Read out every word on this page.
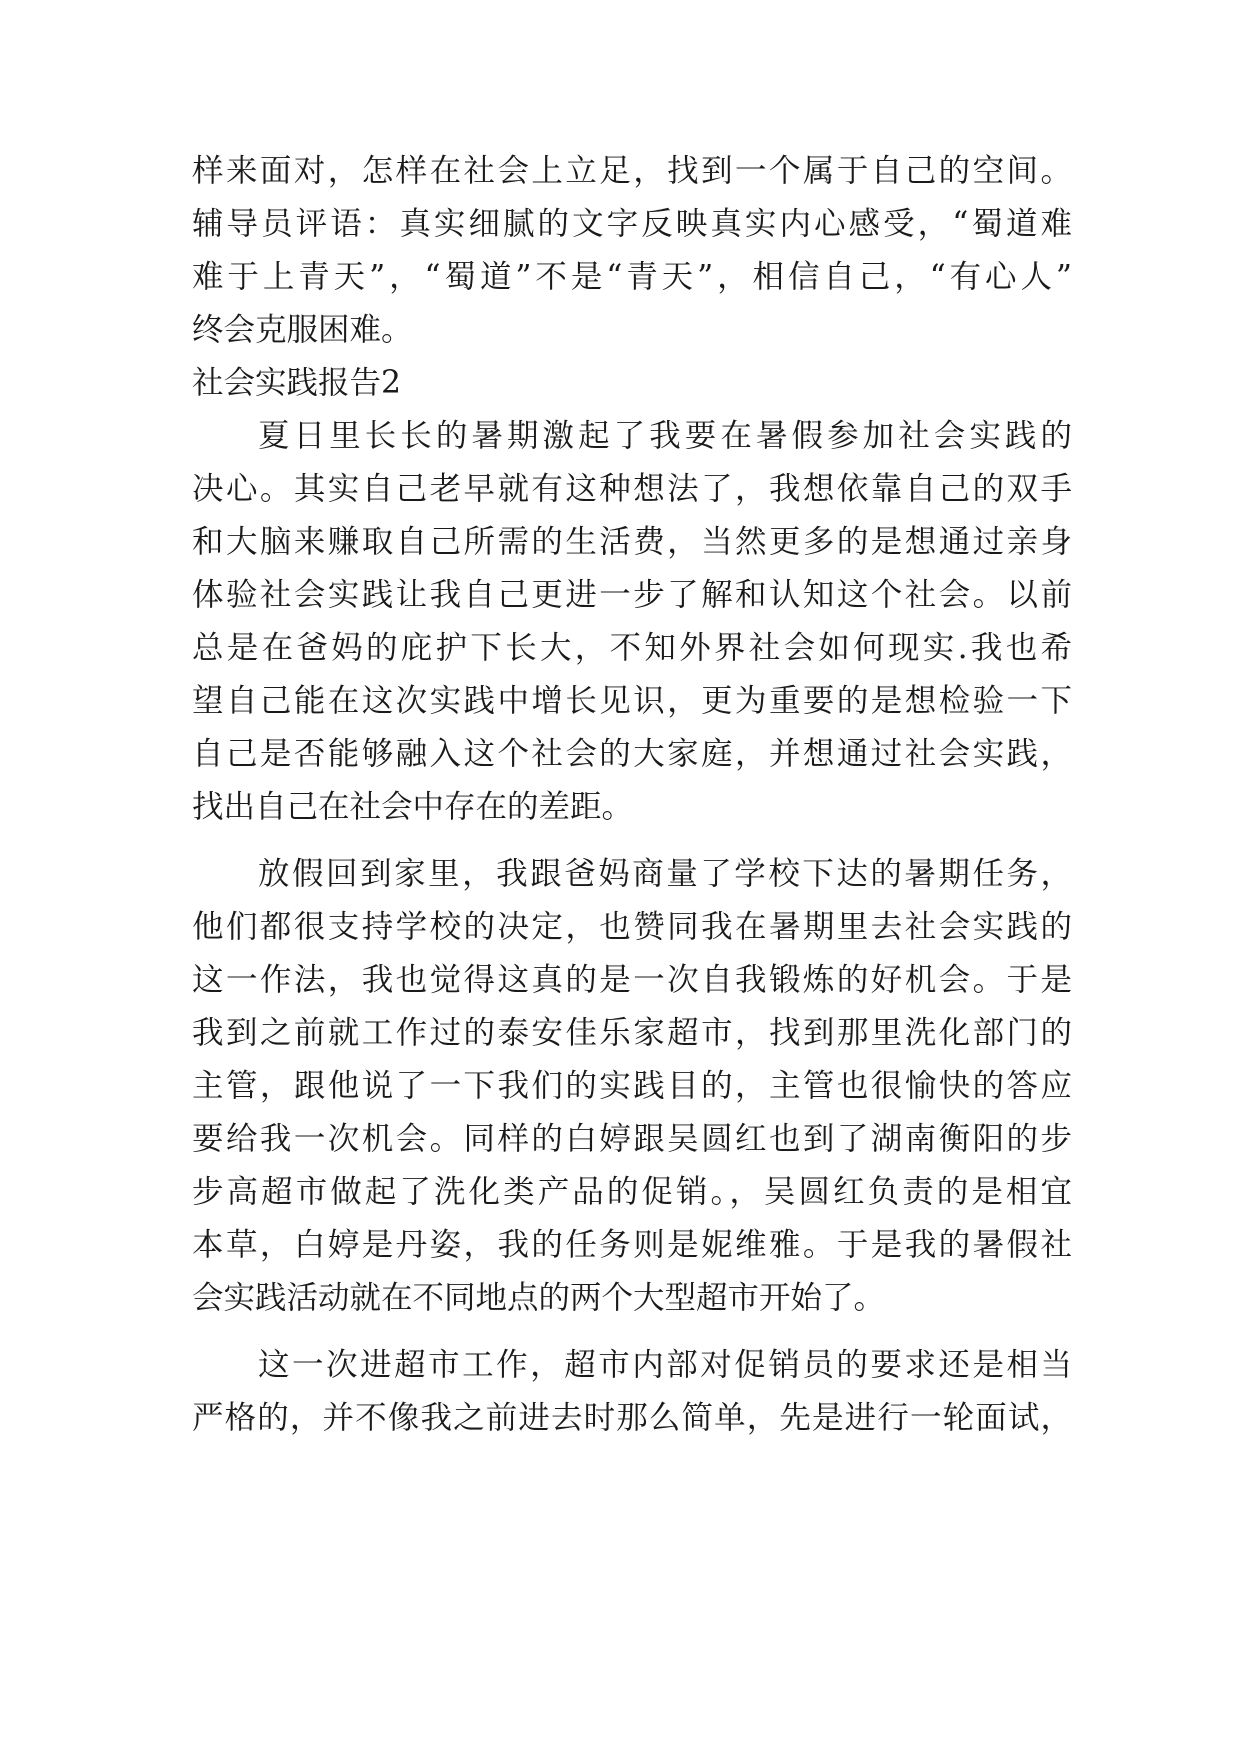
样来面对，怎样在社会上立足，找到一个属于自己的空间。
辅导员评语：真实细腻的文字反映真实内心感受，“蜀道难
难于上青天”，“蜀道”不是“青天”，相信自己，“有心人”
终会克服困难。
社会实践报告2
夏日里长长的暑期激起了我要在暑假参加社会实践的
决心。其实自己老早就有这种想法了，我想依靠自己的双手
和大脑来赚取自己所需的生活费，当然更多的是想通过亲身
体验社会实践让我自己更进一步了解和认知这个社会。以前
总是在爸妈的庇护下长大，不知外界社会如何现实.我也希
望自己能在这次实践中增长见识，更为重要的是想检验一下
自己是否能够融入这个社会的大家庭，并想通过社会实践，
找出自己在社会中存在的差距。
放假回到家里，我跟爸妈商量了学校下达的暑期任务，
他们都很支持学校的决定，也赞同我在暑期里去社会实践的
这一作法，我也觉得这真的是一次自我锻炼的好机会。于是
我到之前就工作过的泰安佳乐家超市，找到那里洗化部门的
主管，跟他说了一下我们的实践目的，主管也很愉快的答应
要给我一次机会。同样的白婷跟吴圆红也到了湖南衡阳的步
步高超市做起了洗化类产品的促销。，吴圆红负责的是相宜
本草，白婷是丹姿，我的任务则是妮维雅。于是我的暑假社
会实践活动就在不同地点的两个大型超市开始了。
这一次进超市工作，超市内部对促销员的要求还是相当
严格的，并不像我之前进去时那么简单，先是进行一轮面试，
